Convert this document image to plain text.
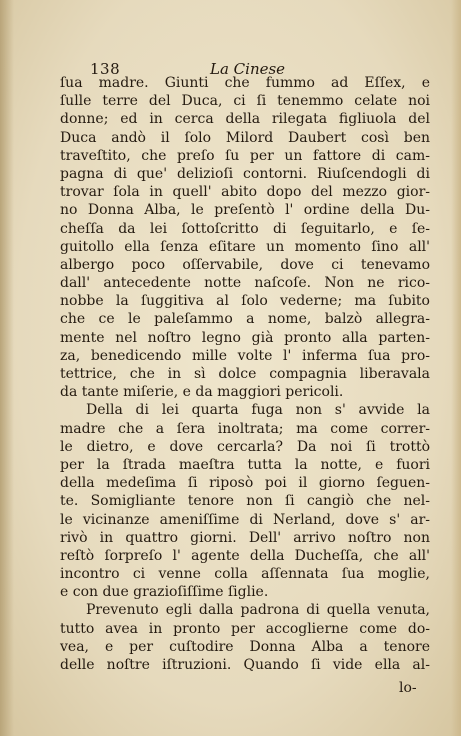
138	La Cinese
ſua madre. Giunti che fummo ad Eſſex, e
ſulle terre del Duca, ci ſi tenemmo celate noi
donne; ed in cerca della rilegata figliuola del
Duca andò il ſolo Milord Daubert così ben
traveſtito, che preſo ſu per un fattore di cam-
pagna di que' delizioſi contorni. Riuſcendogli di
trovar ſola in quell' abito dopo del mezzo gior-
no Donna Alba, le preſentò l' ordine della Du-
cheſſa da lei ſottoſcritto di ſeguitarlo, e ſe-
guitollo ella ſenza eſitare un momento ſino all'
albergo poco oſſervabile, dove ci tenevamo
dall' antecedente notte naſcoſe. Non ne rico-
nobbe la ſuggitiva al ſolo vederne; ma ſubito
che ce le paleſammo a nome, balzò allegra-
mente nel noſtro legno già pronto alla parten-
za, benedicendo mille volte l' inferma ſua pro-
tettrice, che in sì dolce compagnia liberavala
da tante miſerie, e da maggiori pericoli.
Della di lei quarta fuga non s' avvide la
madre che a ſera inoltrata; ma come correr-
le dietro, e dove cercarla? Da noi ſi trottò
per la ſtrada maeſtra tutta la notte, e fuori
della medeſima ſi riposò poi il giorno ſeguen-
te. Somigliante tenore non ſi cangiò che nel-
le vicinanze ameniſſime di Nerland, dove s' ar-
rivò in quattro giorni. Dell' arrivo noſtro non
reſtò ſorpreſo l' agente della Ducheſſa, che all'
incontro ci venne colla aſſennata ſua moglie,
e con due grazioſiſſime ſiglie.
Prevenuto egli dalla padrona di quella venuta,
tutto avea in pronto per accoglierne come do-
vea, e per cuſtodire Donna Alba a tenore
delle noſtre iſtruzioni. Quando ſi vide ella al-
lo-
